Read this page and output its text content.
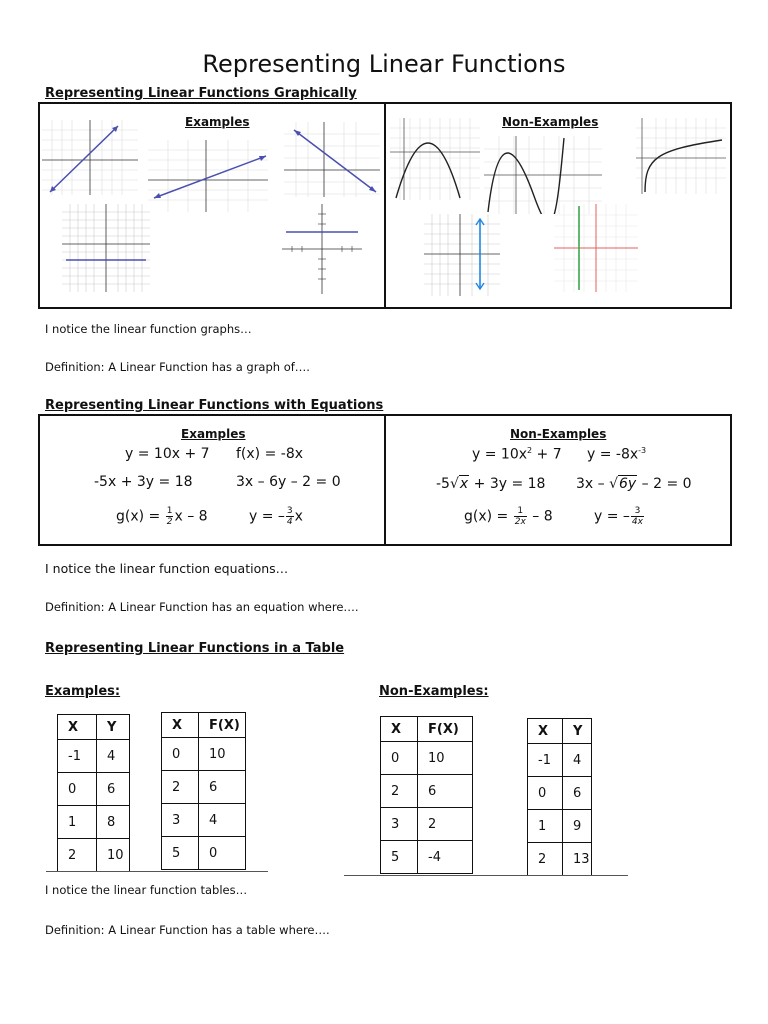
Representing Linear Functions
Representing Linear Functions Graphically
Examples	Non-Examples
I notice the linear function graphs…
Definition: A Linear Function has a graph of….
Representing Linear Functions with Equations
Examples	Non-Examples
y = 10x + 7 f(x) = -8x
-5x + 3y = 18	3x – 6y – 2 = 0
$g(x) = \frac{1}{2}$ x – 8	y = – $\frac{3}{4}$ x
$y = 10x^2 + 7$ $y = -8x^{-3}$
-5√x + 3y = 18 3x – √6y – 2 = 0
$g(x) = \frac{1}{2x} - 8$	y = – $\frac{3}{4x}$
I notice the linear function equations…
Definition: A Linear Function has an equation where….
Representing Linear Functions in a Table
Examples:	Non-Examples:
X	Y
-1	4
0	6
1	8
2	10
X	F(X)
0	10
2	6
3	4
5	0
X	F(X)
0	10
2	6
3	2
5	-4
X	Y
-1	4
0	6
1	9
2	13
I notice the linear function tables…
Definition: A Linear Function has a table where….
